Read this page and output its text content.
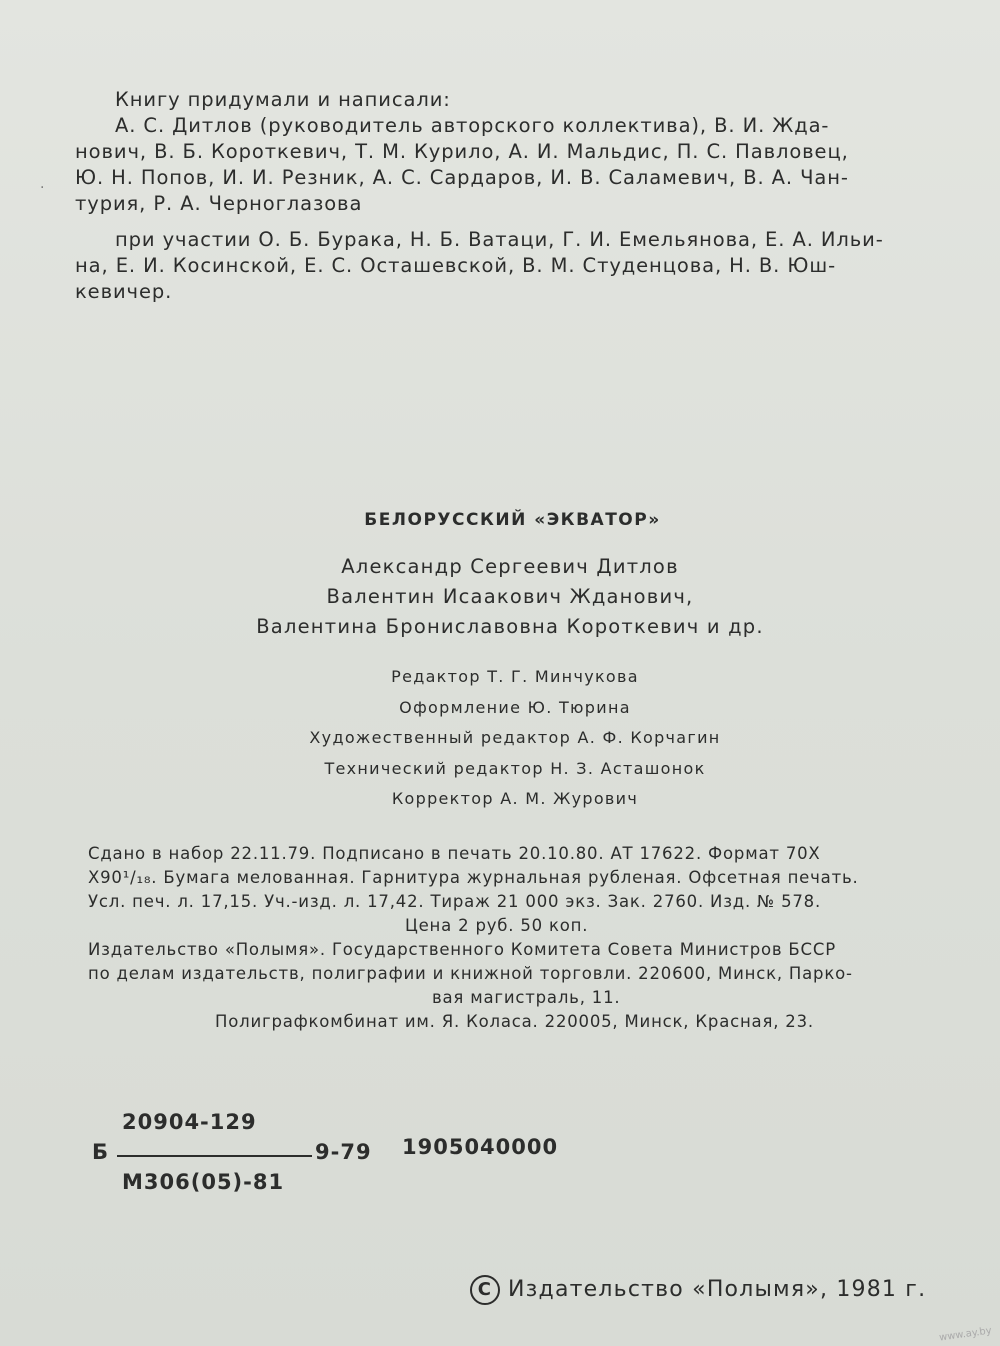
Книгу придумали и написали:

А. С. Дитлов (руководитель авторского коллектива), В. И. Жда-

нович, В. Б. Короткевич, Т. М. Курило, А. И. Мальдис, П. С. Павловец,

Ю. Н. Попов, И. И. Резник, А. С. Сардаров, И. В. Саламевич, В. А. Чан-

турия, Р. А. Черноглазова

при участии О. Б. Бурака, Н. Б. Ватаци, Г. И. Емельянова, Е. А. Ильи-

на, Е. И. Косинской, Е. С. Осташевской, В. М. Студенцова, Н. В. Юш-

кевичер.

·
БЕЛОРУССКИЙ «ЭКВАТОР»
Александр Сергеевич Дитлов
Валентин Исаакович Жданович,
Валентина Брониславовна Короткевич и др.
Редактор Т. Г. Минчукова
Оформление Ю. Тюрина
Художественный редактор А. Ф. Корчагин
Технический редактор Н. З. Асташонок
Корректор А. М. Журович

Сдано в набор 22.11.79. Подписано в печать 20.10.80. АТ 17622. Формат 70Х

Х90¹/₁₈. Бумага мелованная. Гарнитура журнальная рубленая. Офсетная печать.

Усл. печ. л. 17,15. Уч.-изд. л. 17,42. Тираж 21 000 экз. Зак. 2760. Изд. № 578.

Цена 2 руб. 50 коп.

Издательство «Полымя». Государственного Комитета Совета Министров БССР

по делам издательств, полиграфии и книжной торговли. 220600, Минск, Парко-

вая магистраль, 11.

Полиграфкомбинат им. Я. Коласа. 220005, Минск, Красная, 23.

20904-129

Б	9-79 1905040000

М306(05)-81

C Издательство «Полымя», 1981 г.

www.ay.by
